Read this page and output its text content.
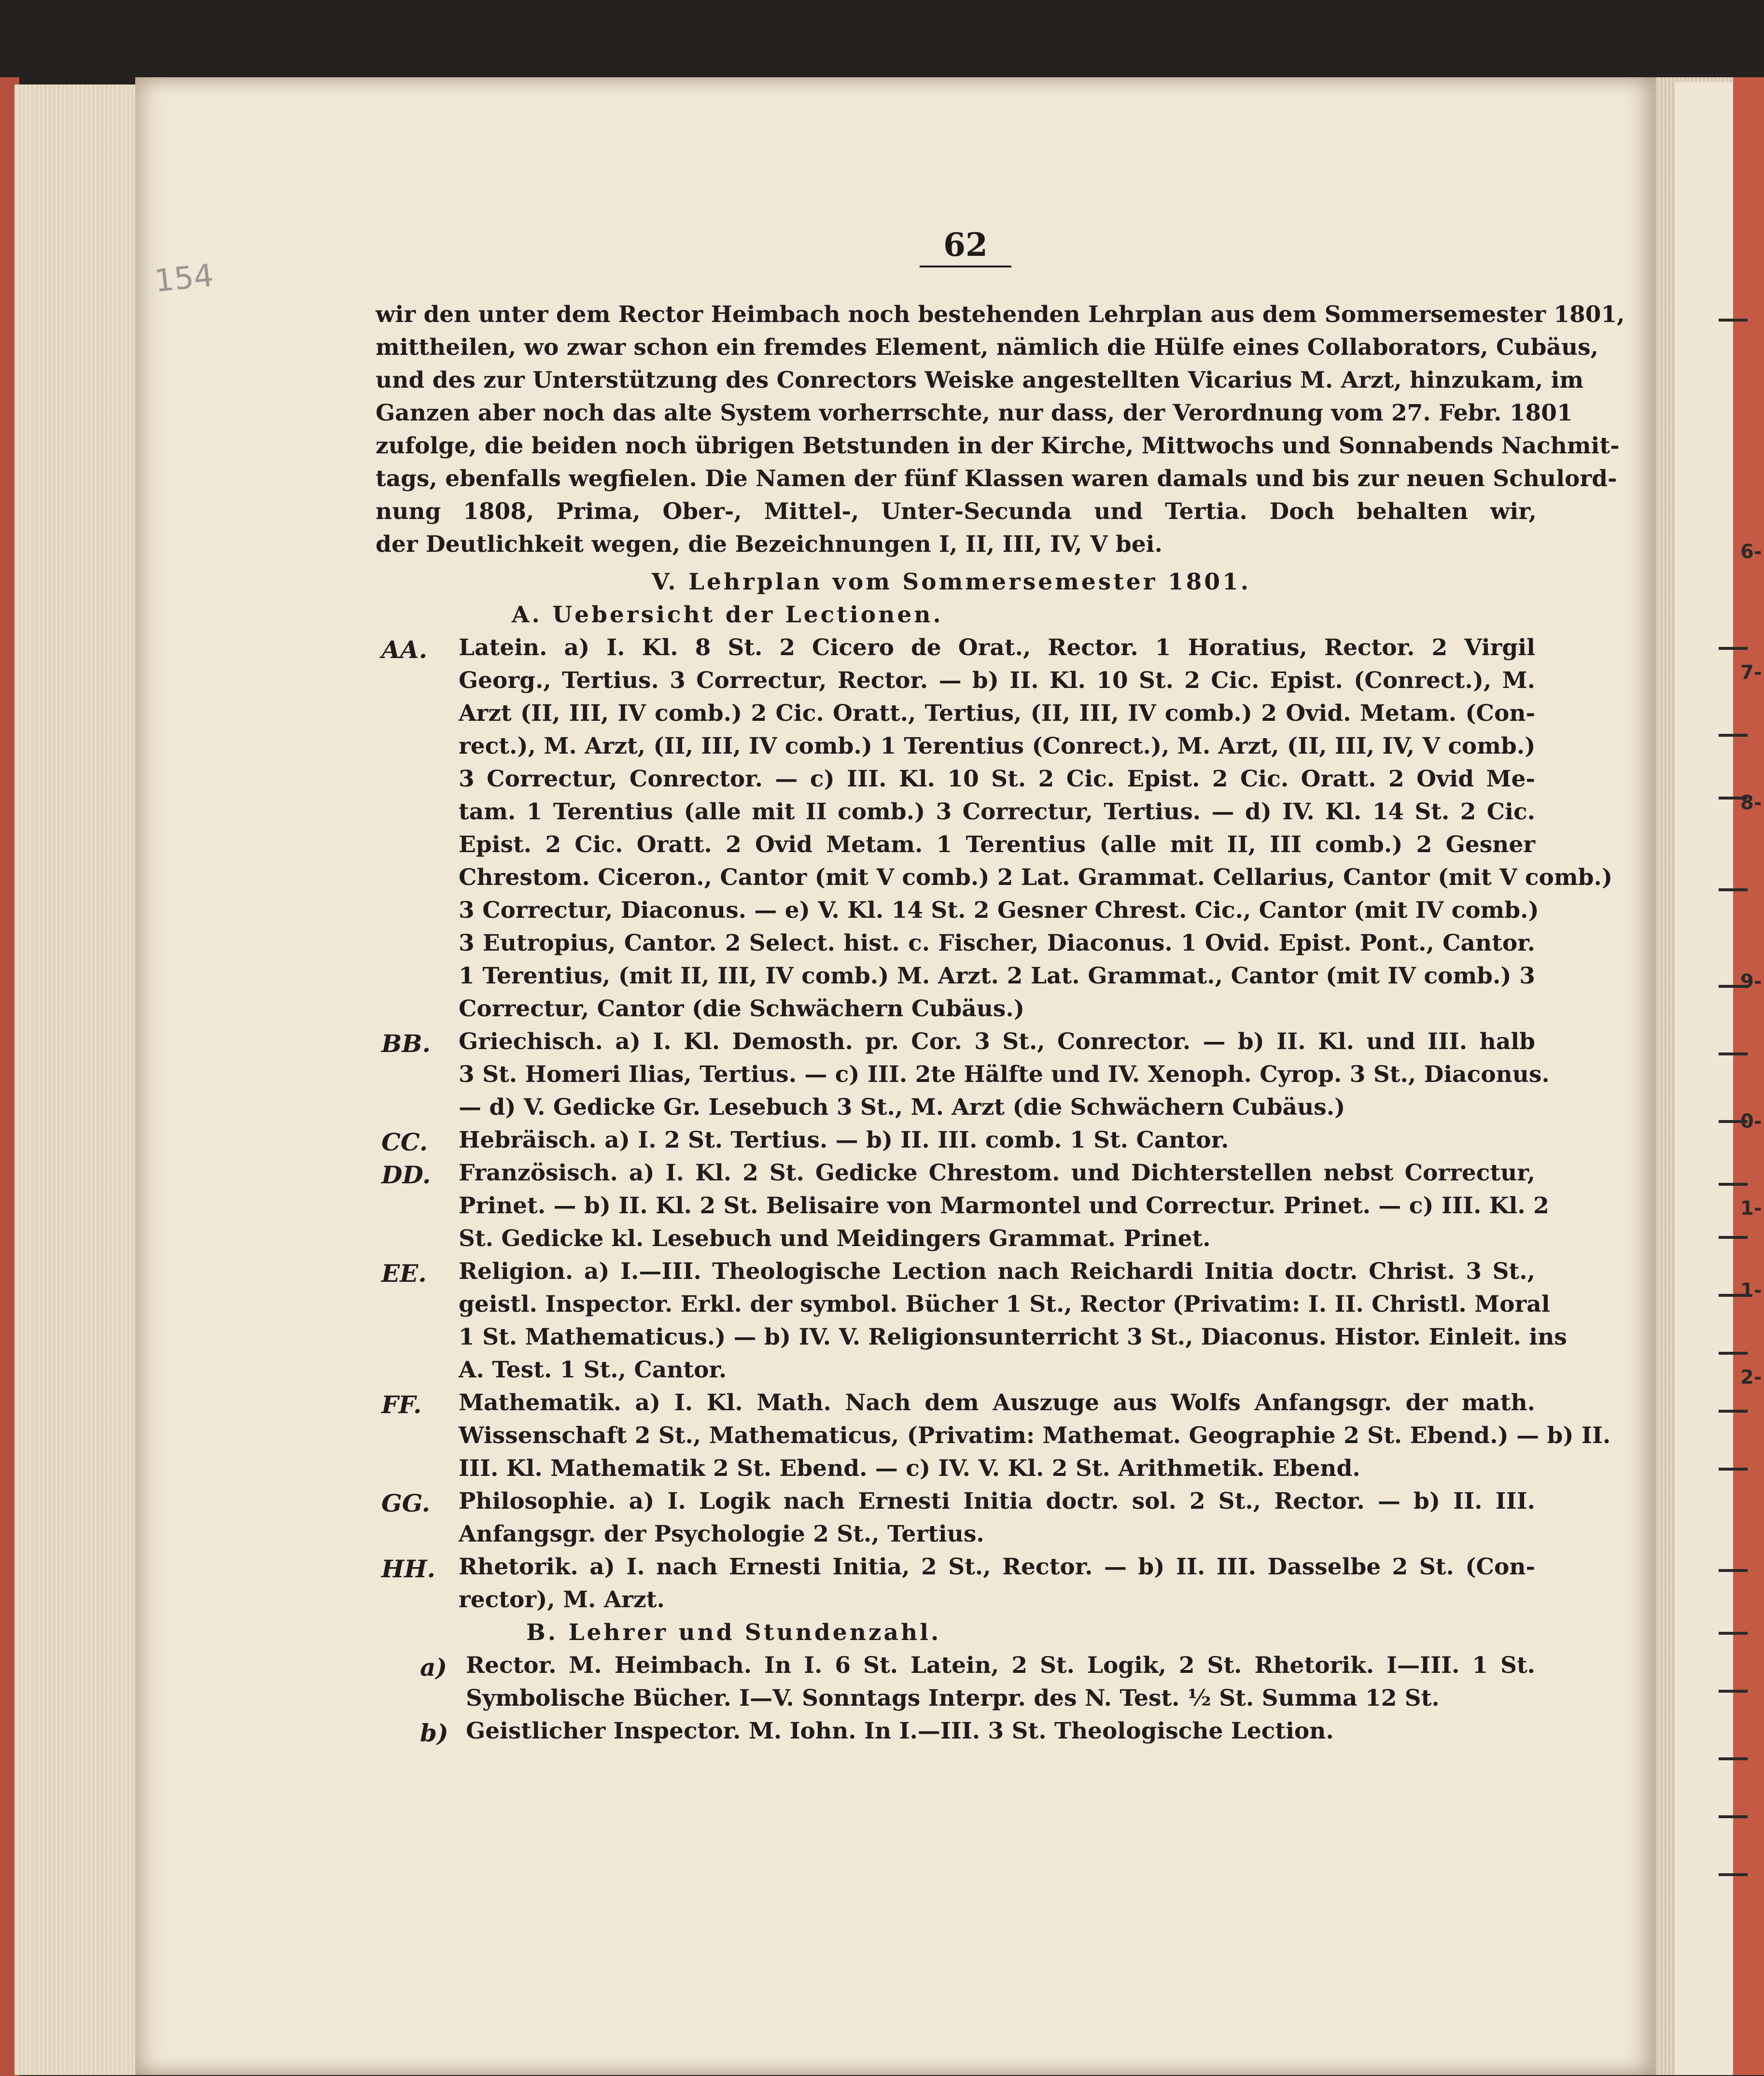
154
62
wir den unter dem Rector Heimbach noch bestehenden Lehrplan aus dem Sommersemester 1801,
mittheilen, wo zwar schon ein fremdes Element, nämlich die Hülfe eines Collaborators, Cubäus,
und des zur Unterstützung des Conrectors Weiske angestellten Vicarius M. Arzt, hinzukam, im
Ganzen aber noch das alte System vorherrschte, nur dass, der Verordnung vom 27. Febr. 1801
zufolge, die beiden noch übrigen Betstunden in der Kirche, Mittwochs und Sonnabends Nachmit-
tags, ebenfalls wegfielen. Die Namen der fünf Klassen waren damals und bis zur neuen Schulord-
nung 1808, Prima, Ober-, Mittel-, Unter-Secunda und Tertia. Doch behalten wir,
der Deutlichkeit wegen, die Bezeichnungen I, II, III, IV, V bei.
V. Lehrplan vom Sommersemester 1801.
A. Uebersicht der Lectionen.
AA. Latein. a) I. Kl. 8 St. 2 Cicero de Orat., Rector. 1 Horatius, Rector. 2 Virgil
Georg., Tertius. 3 Correctur, Rector. — b) II. Kl. 10 St. 2 Cic. Epist. (Conrect.), M.
Arzt (II, III, IV comb.) 2 Cic. Oratt., Tertius, (II, III, IV comb.) 2 Ovid. Metam. (Con-
rect.), M. Arzt, (II, III, IV comb.) 1 Terentius (Conrect.), M. Arzt, (II, III, IV, V comb.)
3 Correctur, Conrector. — c) III. Kl. 10 St. 2 Cic. Epist. 2 Cic. Oratt. 2 Ovid Me-
tam. 1 Terentius (alle mit II comb.) 3 Correctur, Tertius. — d) IV. Kl. 14 St. 2 Cic.
Epist. 2 Cic. Oratt. 2 Ovid Metam. 1 Terentius (alle mit II, III comb.) 2 Gesner
Chrestom. Ciceron., Cantor (mit V comb.) 2 Lat. Grammat. Cellarius, Cantor (mit V comb.)
3 Correctur, Diaconus. — e) V. Kl. 14 St. 2 Gesner Chrest. Cic., Cantor (mit IV comb.)
3 Eutropius, Cantor. 2 Select. hist. c. Fischer, Diaconus. 1 Ovid. Epist. Pont., Cantor.
1 Terentius, (mit II, III, IV comb.) M. Arzt. 2 Lat. Grammat., Cantor (mit IV comb.) 3
Correctur, Cantor (die Schwächern Cubäus.)
BB. Griechisch. a) I. Kl. Demosth. pr. Cor. 3 St., Conrector. — b) II. Kl. und III. halb
3 St. Homeri Ilias, Tertius. — c) III. 2te Hälfte und IV. Xenoph. Cyrop. 3 St., Diaconus.
— d) V. Gedicke Gr. Lesebuch 3 St., M. Arzt (die Schwächern Cubäus.)
CC. Hebräisch. a) I. 2 St. Tertius. — b) II. III. comb. 1 St. Cantor.
DD. Französisch. a) I. Kl. 2 St. Gedicke Chrestom. und Dichterstellen nebst Correctur,
Prinet. — b) II. Kl. 2 St. Belisaire von Marmontel und Correctur. Prinet. — c) III. Kl. 2
St. Gedicke kl. Lesebuch und Meidingers Grammat. Prinet.
EE. Religion. a) I.—III. Theologische Lection nach Reichardi Initia doctr. Christ. 3 St.,
geistl. Inspector. Erkl. der symbol. Bücher 1 St., Rector (Privatim: I. II. Christl. Moral
1 St. Mathematicus.) — b) IV. V. Religionsunterricht 3 St., Diaconus. Histor. Einleit. ins
A. Test. 1 St., Cantor.
FF. Mathematik. a) I. Kl. Math. Nach dem Auszuge aus Wolfs Anfangsgr. der math.
Wissenschaft 2 St., Mathematicus, (Privatim: Mathemat. Geographie 2 St. Ebend.) — b) II.
III. Kl. Mathematik 2 St. Ebend. — c) IV. V. Kl. 2 St. Arithmetik. Ebend.
GG. Philosophie. a) I. Logik nach Ernesti Initia doctr. sol. 2 St., Rector. — b) II. III.
Anfangsgr. der Psychologie 2 St., Tertius.
HH. Rhetorik. a) I. nach Ernesti Initia, 2 St., Rector. — b) II. III. Dasselbe 2 St. (Con-
rector), M. Arzt.
B. Lehrer und Stundenzahl.
a) Rector. M. Heimbach. In I. 6 St. Latein, 2 St. Logik, 2 St. Rhetorik. I—III. 1 St.
Symbolische Bücher. I—V. Sonntags Interpr. des N. Test. ½ St. Summa 12 St.
b) Geistlicher Inspector. M. Iohn. In I.—III. 3 St. Theologische Lection.
6-
7-
8-
9-
0-
1-
1-
2-
